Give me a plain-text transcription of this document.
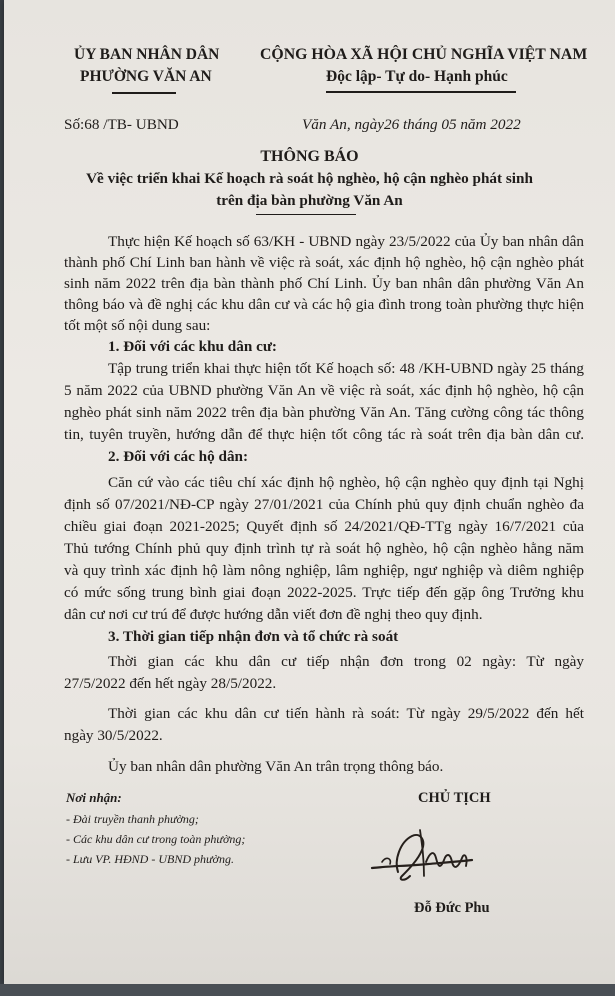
ỦY BAN NHÂN DÂN
PHƯỜNG VĂN AN
CỘNG HÒA XÃ HỘI CHỦ NGHĨA VIỆT NAM
Độc lập- Tự do- Hạnh phúc
Số:68 /TB- UBND	Văn An, ngày26 tháng 05 năm 2022
THÔNG BÁO
Về việc triển khai Kế hoạch rà soát hộ nghèo, hộ cận nghèo phát sinh
trên địa bàn phường Văn An
Thực hiện Kế hoạch số 63/KH - UBND ngày 23/5/2022 của Ủy ban nhân dân
thành phố Chí Linh ban hành về việc rà soát, xác định hộ nghèo, hộ cận nghèo phát
sinh năm 2022 trên địa bàn thành phố Chí Linh. Ủy ban nhân dân phường Văn An
thông báo và đề nghị các khu dân cư và các hộ gia đình trong toàn phường thực hiện
tốt một số nội dung sau:
1. Đối với các khu dân cư:
Tập trung triển khai thực hiện tốt Kế hoạch số: 48 /KH-UBND ngày 25 tháng
5 năm 2022 của UBND phường Văn An về việc rà soát, xác định hộ nghèo, hộ cận
nghèo phát sinh năm 2022 trên địa bàn phường Văn An. Tăng cường công tác thông
tin, tuyên truyền, hướng dẫn để thực hiện tốt công tác rà soát trên địa bàn dân cư.
2. Đối với các hộ dân:
Căn cứ vào các tiêu chí xác định hộ nghèo, hộ cận nghèo quy định tại Nghị
định số 07/2021/NĐ-CP ngày 27/01/2021 của Chính phủ quy định chuẩn nghèo đa
chiều giai đoạn 2021-2025; Quyết định số 24/2021/QĐ-TTg ngày 16/7/2021 của
Thủ tướng Chính phủ quy định trình tự rà soát hộ nghèo, hộ cận nghèo hằng năm
và quy trình xác định hộ làm nông nghiệp, lâm nghiệp, ngư nghiệp và diêm nghiệp
có mức sống trung bình giai đoạn 2022-2025. Trực tiếp đến gặp ông Trưởng khu
dân cư nơi cư trú để được hướng dẫn viết đơn đề nghị theo quy định.
3. Thời gian tiếp nhận đơn và tổ chức rà soát
Thời gian các khu dân cư tiếp nhận đơn trong 02 ngày: Từ ngày
27/5/2022 đến hết ngày 28/5/2022.
Thời gian các khu dân cư tiến hành rà soát: Từ ngày 29/5/2022 đến hết
ngày 30/5/2022.
Ủy ban nhân dân phường Văn An trân trọng thông báo.
Nơi nhận:
- Đài truyền thanh phường;
- Các khu dân cư trong toàn phường;
- Lưu VP. HĐND - UBND phường.
CHỦ TỊCH
Đỗ Đức Phu
